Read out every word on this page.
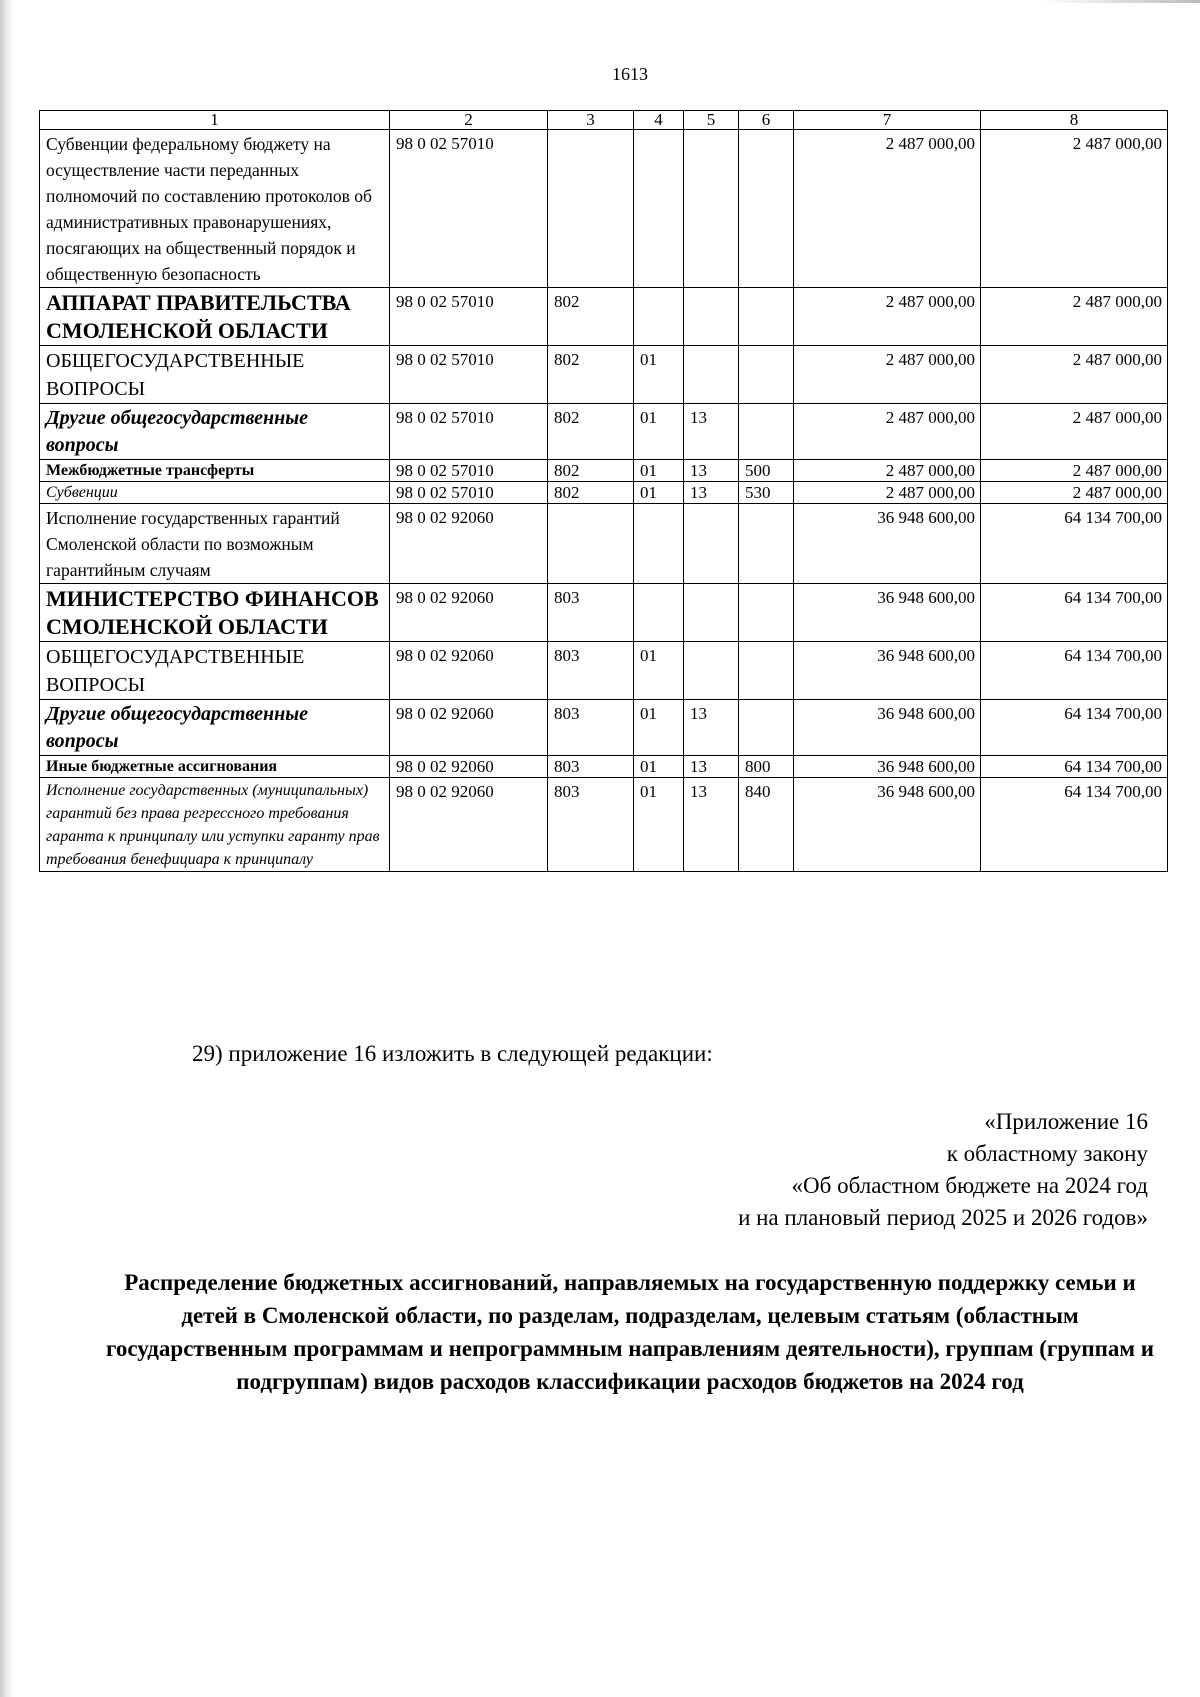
1613
1	2	3	4	5	6	7	8
Субвенции федеральному бюджету на осуществление части переданных полномочий по составлению протоколов об административных правонарушениях, посягающих на общественный порядок и общественную безопасность	98 0 02 57010					2 487 000,00	2 487 000,00
АППАРАТ ПРАВИТЕЛЬСТВА СМОЛЕНСКОЙ ОБЛАСТИ	98 0 02 57010	802				2 487 000,00	2 487 000,00
ОБЩЕГОСУДАРСТВЕННЫЕ ВОПРОСЫ	98 0 02 57010	802	01			2 487 000,00	2 487 000,00
Другие общегосударственные вопросы	98 0 02 57010	802	01	13		2 487 000,00	2 487 000,00
Межбюджетные трансферты	98 0 02 57010	802	01	13	500	2 487 000,00	2 487 000,00
Субвенции	98 0 02 57010	802	01	13	530	2 487 000,00	2 487 000,00
Исполнение государственных гарантий Смоленской области по возможным гарантийным случаям	98 0 02 92060					36 948 600,00	64 134 700,00
МИНИСТЕРСТВО ФИНАНСОВ СМОЛЕНСКОЙ ОБЛАСТИ	98 0 02 92060	803				36 948 600,00	64 134 700,00
ОБЩЕГОСУДАРСТВЕННЫЕ ВОПРОСЫ	98 0 02 92060	803	01			36 948 600,00	64 134 700,00
Другие общегосударственные вопросы	98 0 02 92060	803	01	13		36 948 600,00	64 134 700,00
Иные бюджетные ассигнования	98 0 02 92060	803	01	13	800	36 948 600,00	64 134 700,00
Исполнение государственных (муниципальных) гарантий без права регрессного требования гаранта к принципалу или уступки гаранту прав требования бенефициара к принципалу	98 0 02 92060	803	01	13	840	36 948 600,00	64 134 700,00
29) приложение 16 изложить в следующей редакции:
«Приложение 16
к областному закону
«Об областном бюджете на 2024 год
и на плановый период 2025 и 2026 годов»
Распределение бюджетных ассигнований, направляемых на государственную поддержку семьи и детей в Смоленской области, по разделам, подразделам, целевым статьям (областным государственным программам и непрограммным направлениям деятельности), группам (группам и подгруппам) видов расходов классификации расходов бюджетов на 2024 год
